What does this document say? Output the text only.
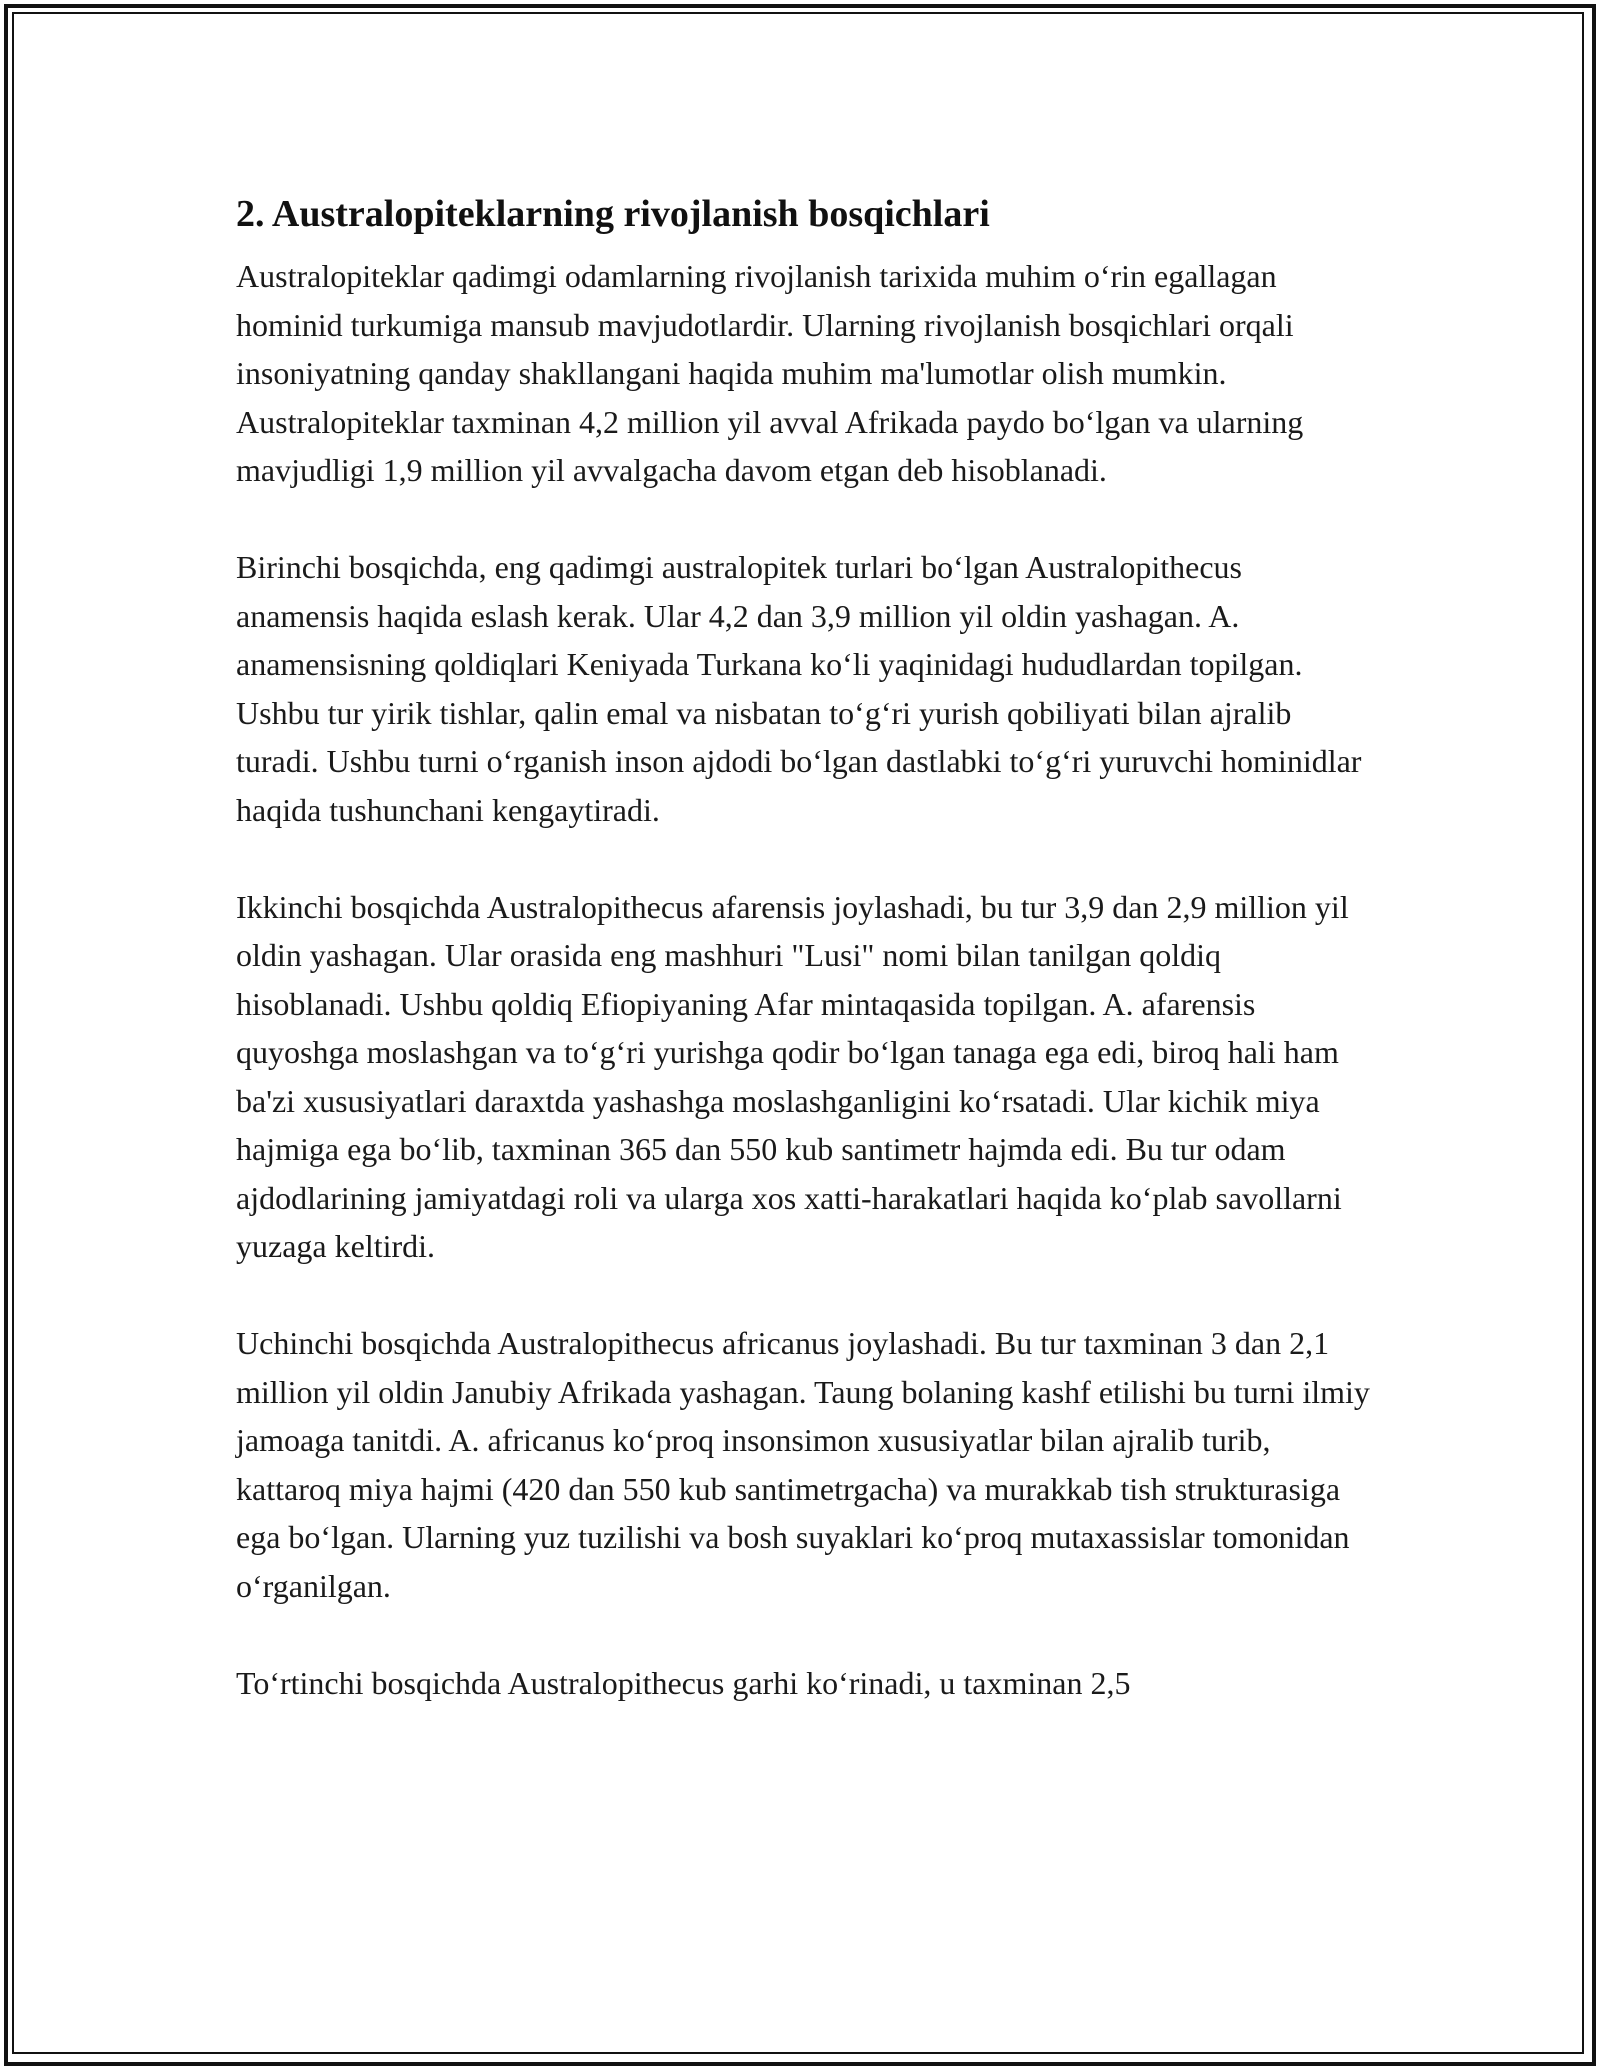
2. Australopiteklarning rivojlanish bosqichlari

Australopiteklar qadimgi odamlarning rivojlanish tarixida muhim o‘rin egallagan hominid turkumiga mansub mavjudotlardir. Ularning rivojlanish bosqichlari orqali insoniyatning qanday shakllangani haqida muhim ma'lumotlar olish mumkin. Australopiteklar taxminan 4,2 million yil avval Afrikada paydo bo‘lgan va ularning mavjudligi 1,9 million yil avvalgacha davom etgan deb hisoblanadi.

Birinchi bosqichda, eng qadimgi australopitek turlari bo‘lgan Australopithecus anamensis haqida eslash kerak. Ular 4,2 dan 3,9 million yil oldin yashagan. A. anamensisning qoldiqlari Keniyada Turkana ko‘li yaqinidagi hududlardan topilgan. Ushbu tur yirik tishlar, qalin emal va nisbatan to‘g‘ri yurish qobiliyati bilan ajralib turadi. Ushbu turni o‘rganish inson ajdodi bo‘lgan dastlabki to‘g‘ri yuruvchi hominidlar haqida tushunchani kengaytiradi.

Ikkinchi bosqichda Australopithecus afarensis joylashadi, bu tur 3,9 dan 2,9 million yil oldin yashagan. Ular orasida eng mashhuri "Lusi" nomi bilan tanilgan qoldiq hisoblanadi. Ushbu qoldiq Efiopiyaning Afar mintaqasida topilgan. A. afarensis quyoshga moslashgan va to‘g‘ri yurishga qodir bo‘lgan tanaga ega edi, biroq hali ham ba'zi xususiyatlari daraxtda yashashga moslashganligini ko‘rsatadi. Ular kichik miya hajmiga ega bo‘lib, taxminan 365 dan 550 kub santimetr hajmda edi. Bu tur odam ajdodlarining jamiyatdagi roli va ularga xos xatti-harakatlari haqida ko‘plab savollarni yuzaga keltirdi.

Uchinchi bosqichda Australopithecus africanus joylashadi. Bu tur taxminan 3 dan 2,1 million yil oldin Janubiy Afrikada yashagan. Taung bolaning kashf etilishi bu turni ilmiy jamoaga tanitdi. A. africanus ko‘proq insonsimon xususiyatlar bilan ajralib turib, kattaroq miya hajmi (420 dan 550 kub santimetrgacha) va murakkab tish strukturasiga ega bo‘lgan. Ularning yuz tuzilishi va bosh suyaklari ko‘proq mutaxassislar tomonidan o‘rganilgan.

To‘rtinchi bosqichda Australopithecus garhi ko‘rinadi, u taxminan 2,5
